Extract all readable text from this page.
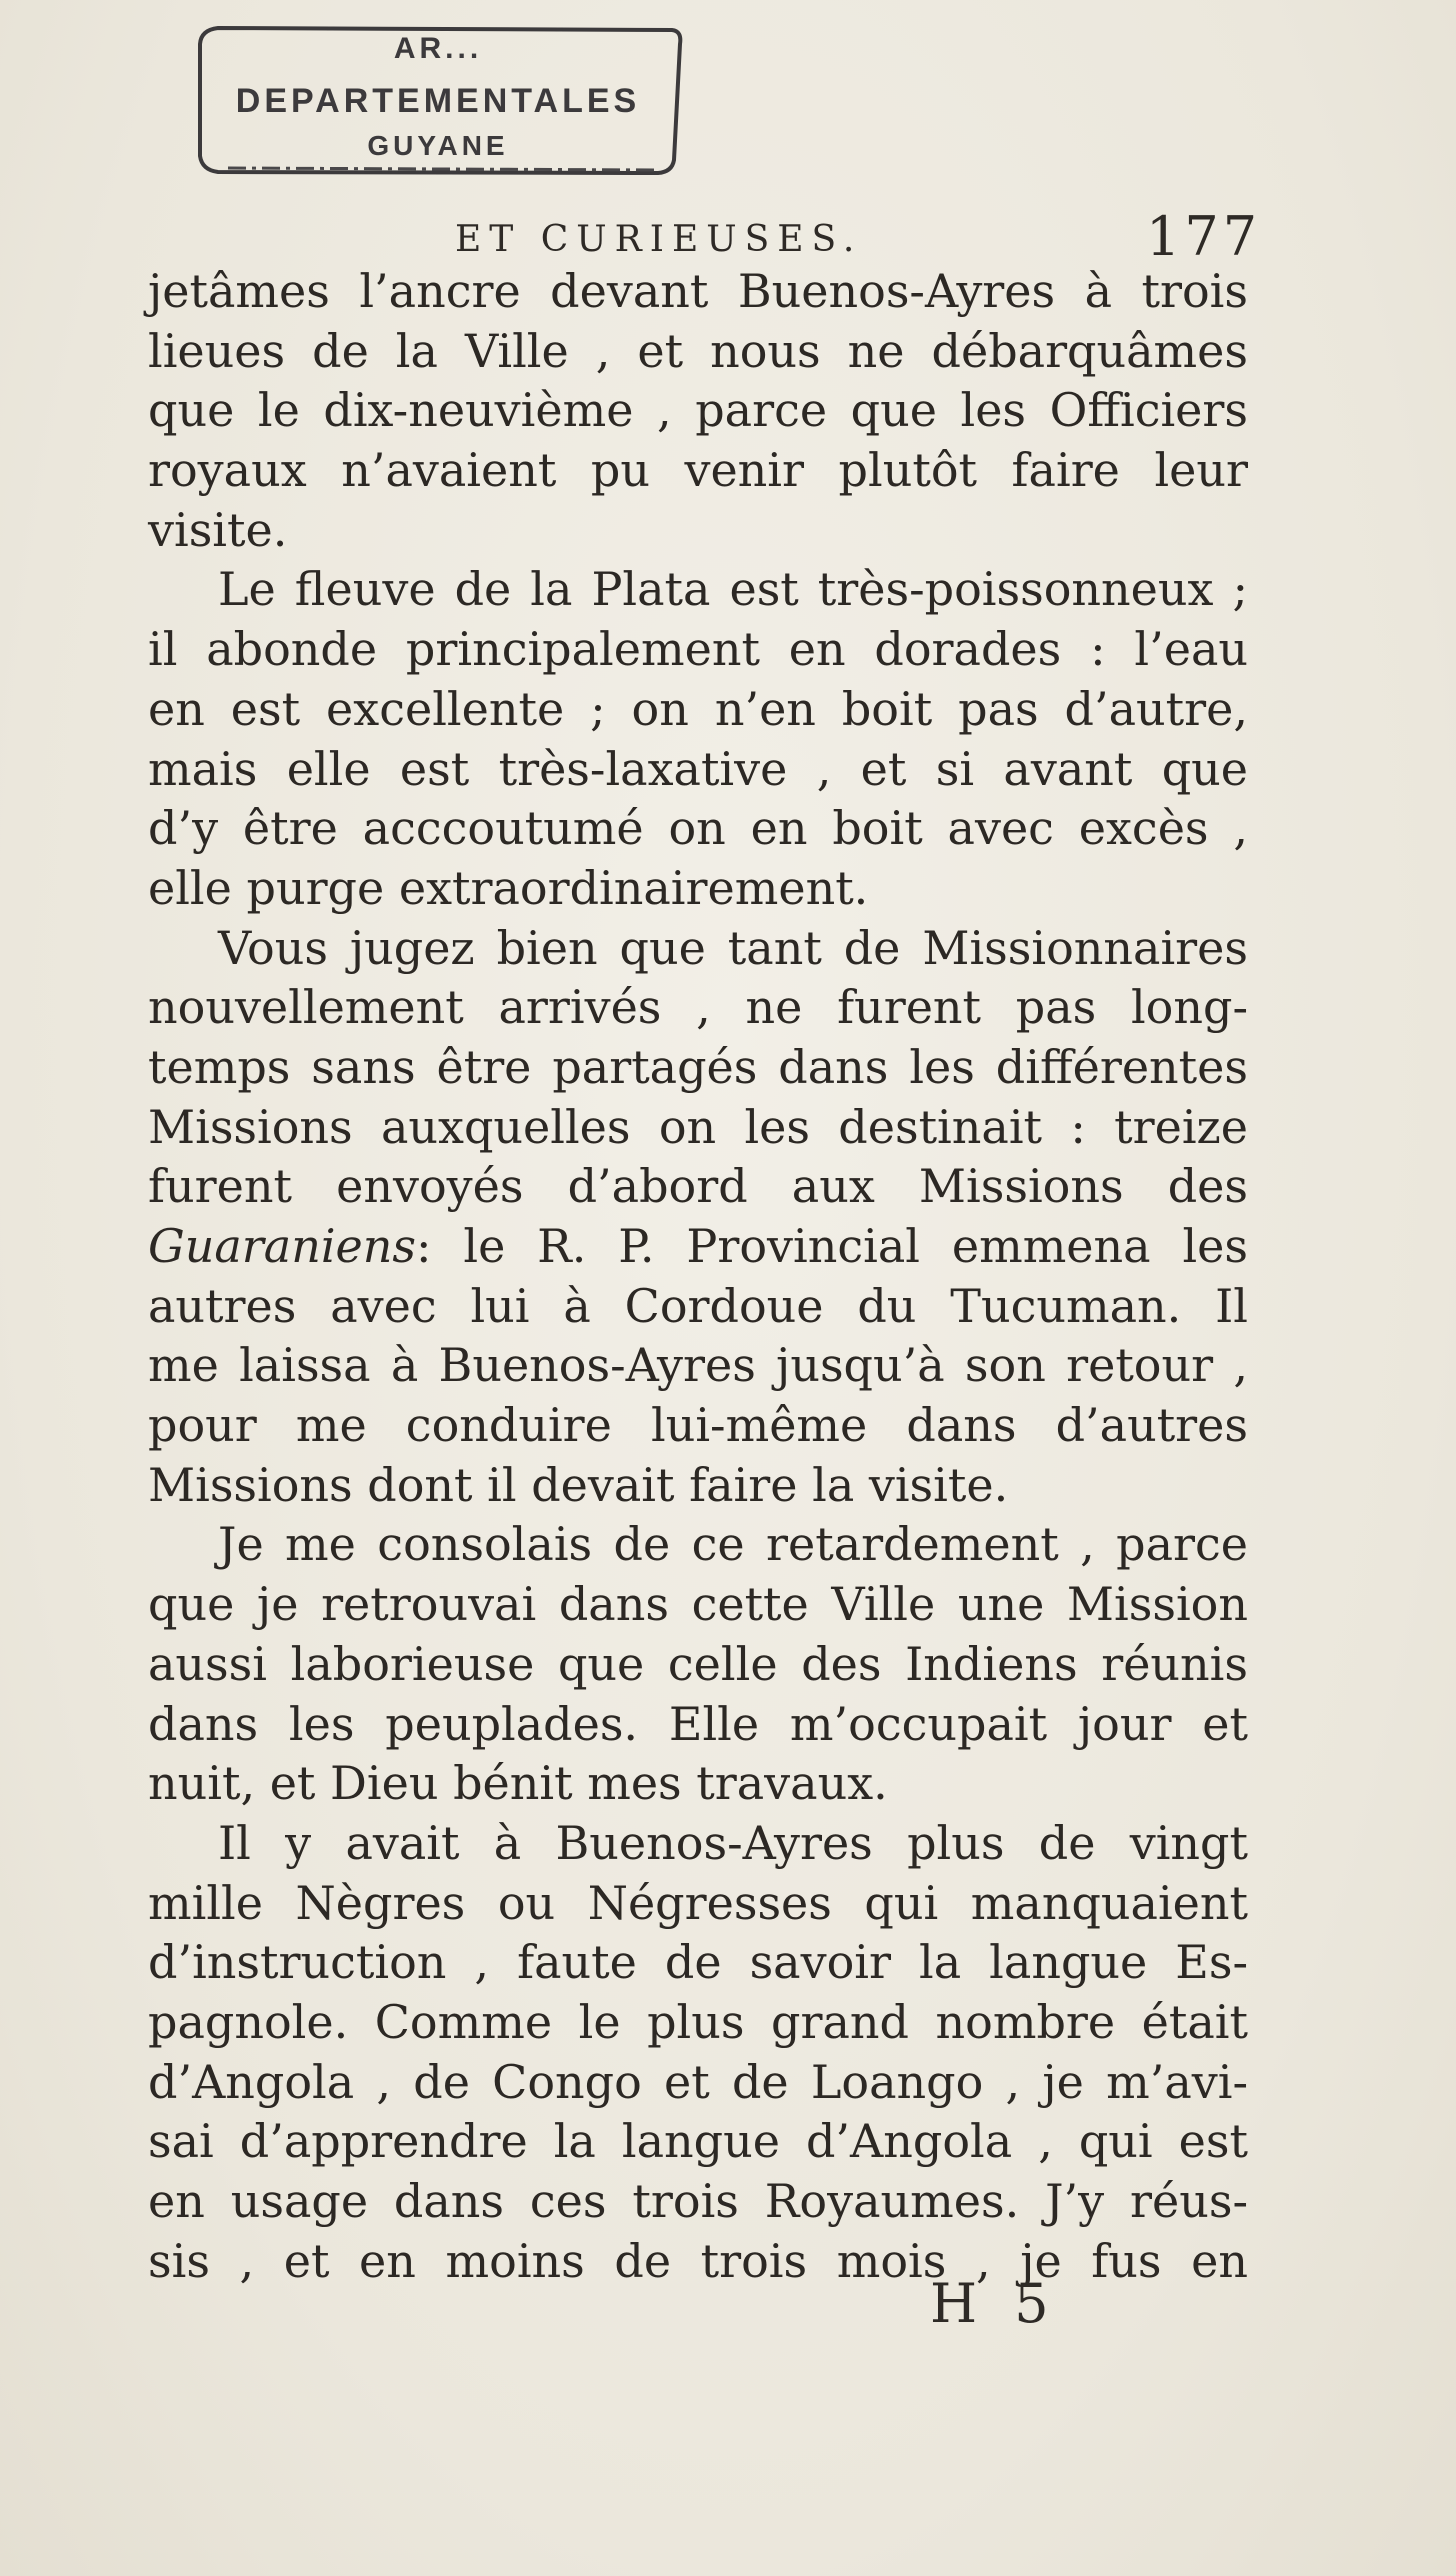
AR...
DEPARTEMENTALES
GUYANE
ET CURIEUSES.	177
jetâmes l’ancre devant Buenos-Ayres à trois
lieues de la Ville , et nous ne débarquâmes
que le dix-neuvième , parce que les Officiers
royaux n’avaient pu venir plutôt faire leur
visite.
Le fleuve de la Plata est très-poissonneux ;
il abonde principalement en dorades : l’eau
en est excellente ; on n’en boit pas d’autre,
mais elle est très-laxative , et si avant que
d’y être acccoutumé on en boit avec excès ,
elle purge extraordinairement.
Vous jugez bien que tant de Missionnaires
nouvellement arrivés , ne furent pas long-
temps sans être partagés dans les différentes
Missions auxquelles on les destinait : treize
furent envoyés d’abord aux Missions des
Guaraniens: le R. P. Provincial emmena les
autres avec lui à Cordoue du Tucuman. Il
me laissa à Buenos-Ayres jusqu’à son retour ,
pour me conduire lui-même dans d’autres
Missions dont il devait faire la visite.
Je me consolais de ce retardement , parce
que je retrouvai dans cette Ville une Mission
aussi laborieuse que celle des Indiens réunis
dans les peuplades. Elle m’occupait jour et
nuit, et Dieu bénit mes travaux.
Il y avait à Buenos-Ayres plus de vingt
mille Nègres ou Négresses qui manquaient
d’instruction , faute de savoir la langue Es-
pagnole. Comme le plus grand nombre était
d’Angola , de Congo et de Loango , je m’avi-
sai d’apprendre la langue d’Angola , qui est
en usage dans ces trois Royaumes. J’y réus-
sis , et en moins de trois mois , je fus en
H 5
